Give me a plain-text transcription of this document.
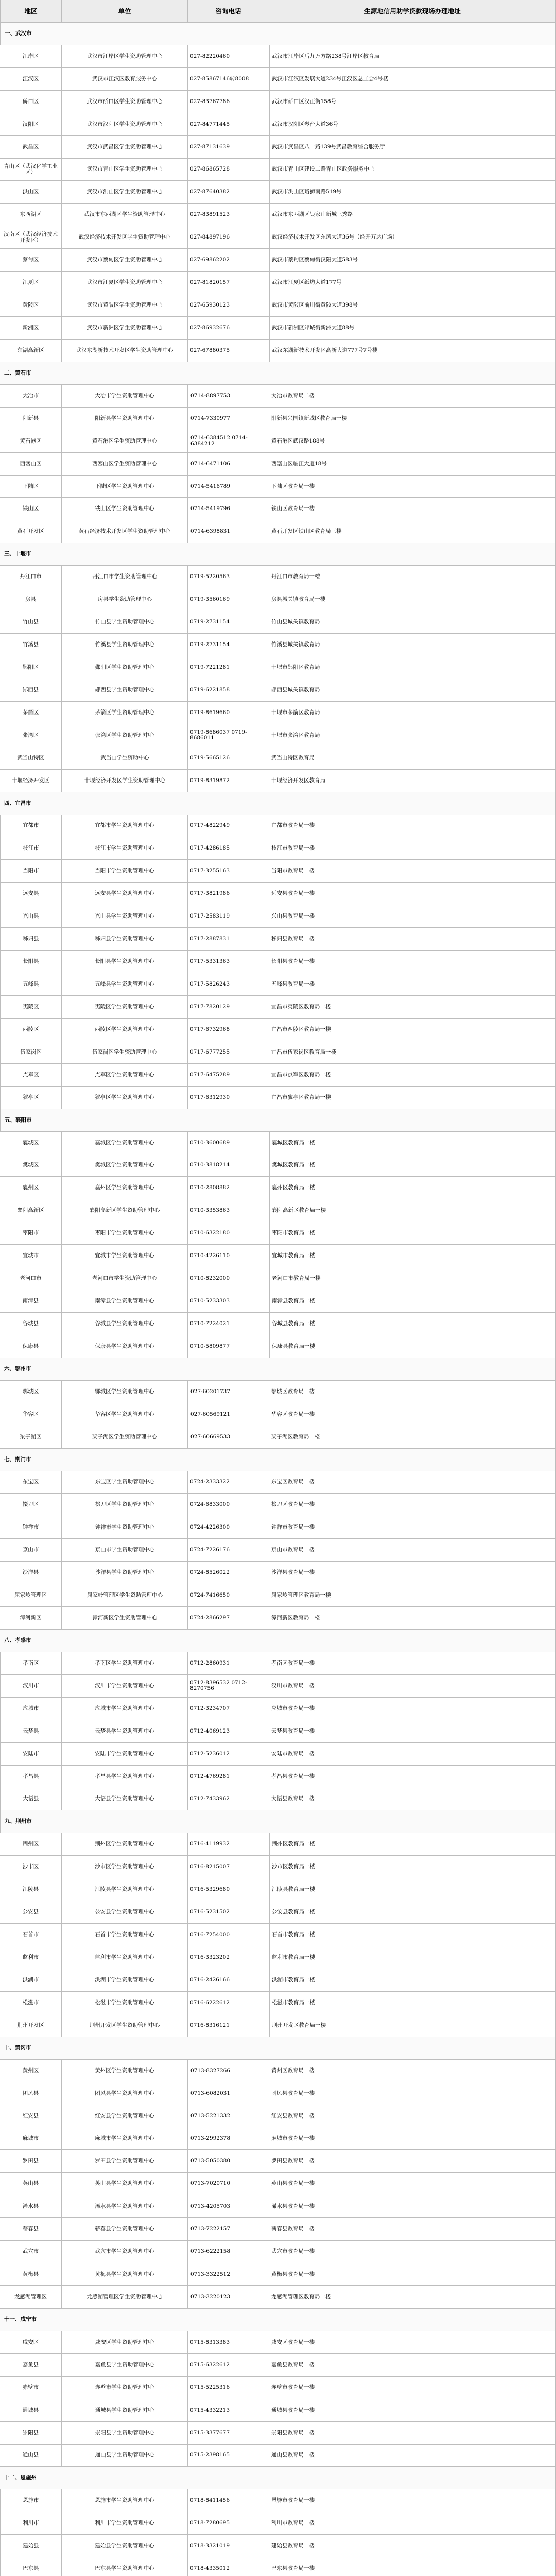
地区	单位	咨询电话	生源地信用助学贷款现场办理地址
一、武汉市
江岸区	武汉市江岸区学生资助管理中心	027-82220460	武汉市江岸区后九万方路238号江岸区教育局
江汉区	武汉市江汉区教育服务中心	027-85867146转8008	武汉市江汉区发展大道234号江汉区总工会4号楼
硚口区	武汉市硚口区学生资助管理中心	027-83767786	武汉市硚口区汉正街158号
汉阳区	武汉市汉阳区学生资助管理中心	027-84771445	武汉市汉阳区琴台大道36号
武昌区	武汉市武昌区学生资助管理中心	027-87131639	武汉市武昌区八一路139号武昌教育综合服务厅
青山区（武汉化学工业区）	武汉市青山区学生资助管理中心	027-86865728	武汉市青山区建设二路青山区政务服务中心
洪山区	武汉市洪山区学生资助管理中心	027-87640382	武汉市洪山区珞狮南路519号
东西湖区	武汉市东西湖区学生资助管理中心	027-83891523	武汉市东西湖区吴家山新城三秀路
汉南区（武汉经济技术开发区）	武汉经济技术开发区学生资助管理中心	027-84897196	武汉经济技术开发区东风大道36号（经开万达广场）
蔡甸区	武汉市蔡甸区学生资助管理中心	027-69862202	武汉市蔡甸区蔡甸街汉阳大道583号
江夏区	武汉市江夏区学生资助管理中心	027-81820157	武汉市江夏区纸坊大道177号
黄陂区	武汉市黄陂区学生资助管理中心	027-65930123	武汉市黄陂区前川街黄陂大道398号
新洲区	武汉市新洲区学生资助管理中心	027-86932676	武汉市新洲区邾城街新洲大道88号
东湖高新区	武汉东湖新技术开发区学生资助管理中心	027-67880375	武汉东湖新技术开发区高新大道777号7号楼
二、黄石市
大冶市	大冶市学生资助管理中心	0714-8897753	大冶市教育局二楼
阳新县	阳新县学生资助管理中心	0714-7330977	阳新县兴国镇新城区教育局一楼
黄石港区	黄石港区学生资助管理中心	0714-6384512 0714-6384212	黄石港区武汉路188号
西塞山区	西塞山区学生资助管理中心	0714-6471106	西塞山区临江大道18号
下陆区	下陆区学生资助管理中心	0714-5416789	下陆区教育局一楼
铁山区	铁山区学生资助管理中心	0714-5419796	铁山区教育局一楼
黄石开发区	黄石经济技术开发区学生资助管理中心	0714-6398831	黄石开发区铁山区教育局三楼
三、十堰市
丹江口市	丹江口市学生资助管理中心	0719-5220563	丹江口市教育局一楼
房县	房县学生资助管理中心	0719-3560169	房县城关镇教育局一楼
竹山县	竹山县学生资助管理中心	0719-2731154	竹山县城关镇教育局
竹溪县	竹溪县学生资助管理中心	0719-2731154	竹溪县城关镇教育局
郧阳区	郧阳区学生资助管理中心	0719-7221281	十堰市郧阳区教育局
郧西县	郧西县学生资助管理中心	0719-6221858	郧西县城关镇教育局
茅箭区	茅箭区学生资助管理中心	0719-8619660	十堰市茅箭区教育局
张湾区	张湾区学生资助管理中心	0719-8686037 0719-8686011	十堰市张湾区教育局
武当山特区	武当山学生资助中心	0719-5665126	武当山特区教育局
十堰经济开发区	十堰经济开发区学生资助管理中心	0719-8319872	十堰经济开发区教育局
四、宜昌市
宜都市	宜都市学生资助管理中心	0717-4822949	宜都市教育局一楼
枝江市	枝江市学生资助管理中心	0717-4286185	枝江市教育局一楼
当阳市	当阳市学生资助管理中心	0717-3255163	当阳市教育局一楼
远安县	远安县学生资助管理中心	0717-3821986	远安县教育局一楼
兴山县	兴山县学生资助管理中心	0717-2583119	兴山县教育局一楼
秭归县	秭归县学生资助管理中心	0717-2887831	秭归县教育局一楼
长阳县	长阳县学生资助管理中心	0717-5331363	长阳县教育局一楼
五峰县	五峰县学生资助管理中心	0717-5826243	五峰县教育局一楼
夷陵区	夷陵区学生资助管理中心	0717-7820129	宜昌市夷陵区教育局一楼
西陵区	西陵区学生资助管理中心	0717-6732968	宜昌市西陵区教育局一楼
伍家岗区	伍家岗区学生资助管理中心	0717-6777255	宜昌市伍家岗区教育局一楼
点军区	点军区学生资助管理中心	0717-6475289	宜昌市点军区教育局一楼
猇亭区	猇亭区学生资助管理中心	0717-6312930	宜昌市猇亭区教育局一楼
五、襄阳市
襄城区	襄城区学生资助管理中心	0710-3600689	襄城区教育局一楼
樊城区	樊城区学生资助管理中心	0710-3818214	樊城区教育局一楼
襄州区	襄州区学生资助管理中心	0710-2808882	襄州区教育局一楼
襄阳高新区	襄阳高新区学生资助管理中心	0710-3353863	襄阳高新区教育局一楼
枣阳市	枣阳市学生资助管理中心	0710-6322180	枣阳市教育局一楼
宜城市	宜城市学生资助管理中心	0710-4226110	宜城市教育局一楼
老河口市	老河口市学生资助管理中心	0710-8232000	老河口市教育局一楼
南漳县	南漳县学生资助管理中心	0710-5233303	南漳县教育局一楼
谷城县	谷城县学生资助管理中心	0710-7224021	谷城县教育局一楼
保康县	保康县学生资助管理中心	0710-5809877	保康县教育局一楼
六、鄂州市
鄂城区	鄂城区学生资助管理中心	027-60201737	鄂城区教育局一楼
华容区	华容区学生资助管理中心	027-60569121	华容区教育局一楼
梁子湖区	梁子湖区学生资助管理中心	027-60669533	梁子湖区教育局一楼
七、荆门市
东宝区	东宝区学生资助管理中心	0724-2333322	东宝区教育局一楼
掇刀区	掇刀区学生资助管理中心	0724-6833000	掇刀区教育局一楼
钟祥市	钟祥市学生资助管理中心	0724-4226300	钟祥市教育局一楼
京山市	京山市学生资助管理中心	0724-7226176	京山市教育局一楼
沙洋县	沙洋县学生资助管理中心	0724-8526022	沙洋县教育局一楼
屈家岭管理区	屈家岭管理区学生资助管理中心	0724-7416650	屈家岭管理区教育局一楼
漳河新区	漳河新区学生资助管理中心	0724-2866297	漳河新区教育局一楼
八、孝感市
孝南区	孝南区学生资助管理中心	0712-2860931	孝南区教育局一楼
汉川市	汉川市学生资助管理中心	0712-8396532 0712-8270756	汉川市教育局一楼
应城市	应城市学生资助管理中心	0712-3234707	应城市教育局一楼
云梦县	云梦县学生资助管理中心	0712-4069123	云梦县教育局一楼
安陆市	安陆市学生资助管理中心	0712-5236012	安陆市教育局一楼
孝昌县	孝昌县学生资助管理中心	0712-4769281	孝昌县教育局一楼
大悟县	大悟县学生资助管理中心	0712-7433962	大悟县教育局一楼
九、荆州市
荆州区	荆州区学生资助管理中心	0716-4119932	荆州区教育局一楼
沙市区	沙市区学生资助管理中心	0716-8215007	沙市区教育局一楼
江陵县	江陵县学生资助管理中心	0716-5329680	江陵县教育局一楼
公安县	公安县学生资助管理中心	0716-5231502	公安县教育局一楼
石首市	石首市学生资助管理中心	0716-7254000	石首市教育局一楼
监利市	监利市学生资助管理中心	0716-3323202	监利市教育局一楼
洪湖市	洪湖市学生资助管理中心	0716-2426166	洪湖市教育局一楼
松滋市	松滋市学生资助管理中心	0716-6222612	松滋市教育局一楼
荆州开发区	荆州开发区学生资助管理中心	0716-8316121	荆州开发区教育局一楼
十、黄冈市
黄州区	黄州区学生资助管理中心	0713-8327266	黄州区教育局一楼
团风县	团风县学生资助管理中心	0713-6082031	团风县教育局一楼
红安县	红安县学生资助管理中心	0713-5221332	红安县教育局一楼
麻城市	麻城市学生资助管理中心	0713-2992378	麻城市教育局一楼
罗田县	罗田县学生资助管理中心	0713-5050380	罗田县教育局一楼
英山县	英山县学生资助管理中心	0713-7020710	英山县教育局一楼
浠水县	浠水县学生资助管理中心	0713-4205703	浠水县教育局一楼
蕲春县	蕲春县学生资助管理中心	0713-7222157	蕲春县教育局一楼
武穴市	武穴市学生资助管理中心	0713-6222158	武穴市教育局一楼
黄梅县	黄梅县学生资助管理中心	0713-3322512	黄梅县教育局一楼
龙感湖管理区	龙感湖管理区学生资助管理中心	0713-3220123	龙感湖管理区教育局一楼
十一、咸宁市
咸安区	咸安区学生资助管理中心	0715-8313383	咸安区教育局一楼
嘉鱼县	嘉鱼县学生资助管理中心	0715-6322612	嘉鱼县教育局一楼
赤壁市	赤壁市学生资助管理中心	0715-5225316	赤壁市教育局一楼
通城县	通城县学生资助管理中心	0715-4332213	通城县教育局一楼
崇阳县	崇阳县学生资助管理中心	0715-3377677	崇阳县教育局一楼
通山县	通山县学生资助管理中心	0715-2398165	通山县教育局一楼
十二、恩施州
恩施市	恩施市学生资助管理中心	0718-8411456	恩施市教育局一楼
利川市	利川市学生资助管理中心	0718-7280695	利川市教育局一楼
建始县	建始县学生资助管理中心	0718-3321019	建始县教育局一楼
巴东县	巴东县学生资助管理中心	0718-4335012	巴东县教育局一楼
